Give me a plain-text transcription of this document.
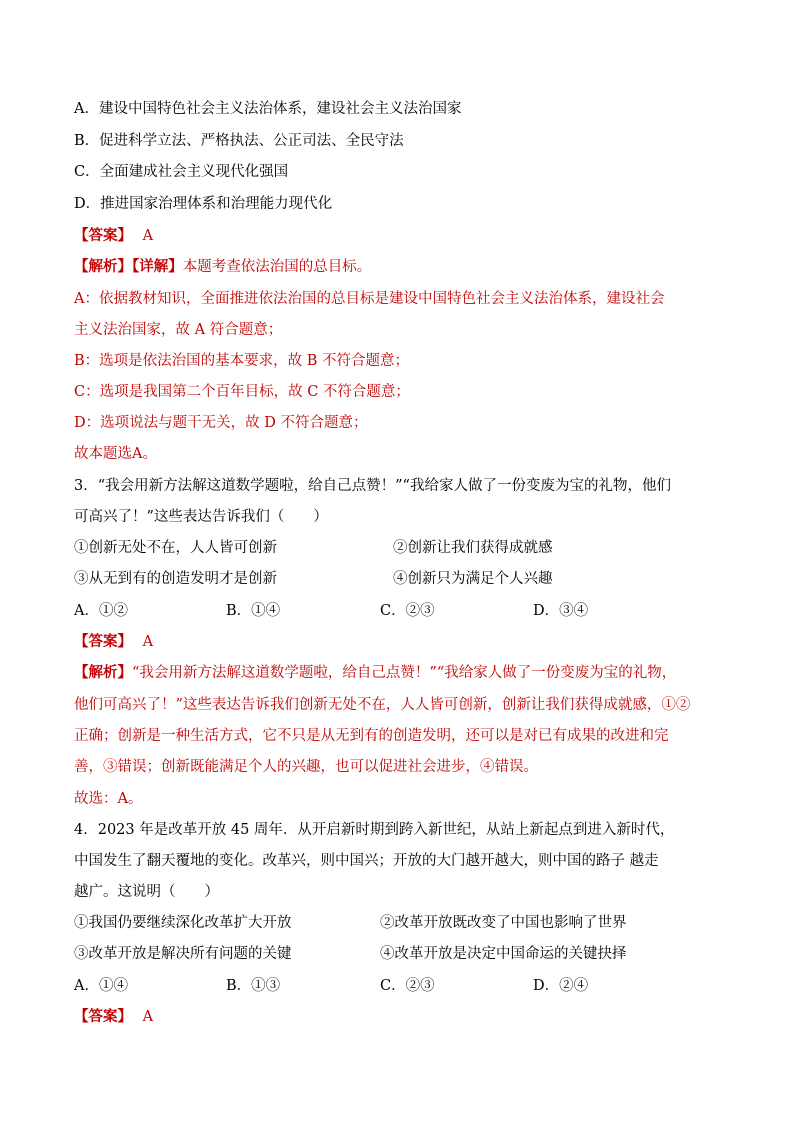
A．建设中国特色社会主义法治体系，建设社会主义法治国家
B．促进科学立法、严格执法、公正司法、全民守法
C．全面建成社会主义现代化强国
D．推进国家治理体系和治理能力现代化
【答案】 A
【解析】【详解】本题考查依法治国的总目标。
A：依据教材知识，全面推进依法治国的总目标是建设中国特色社会主义法治体系，建设社会
主义法治国家，故 A 符合题意；
B：选项是依法治国的基本要求，故 B 不符合题意；
C：选项是我国第二个百年目标，故 C 不符合题意；
D：选项说法与题干无关，故 D 不符合题意；
故本题选A。
3．“我会用新方法解这道数学题啦，给自己点赞！”“我给家人做了一份变废为宝的礼物，他们
可高兴了！”这些表达告诉我们（　　）
①创新无处不在，人人皆可创新	②创新让我们获得成就感
③从无到有的创造发明才是创新	④创新只为满足个人兴趣
A．①②	B．①④	C．②③	D．③④
【答案】 A
【解析】“我会用新方法解这道数学题啦，给自己点赞！”“我给家人做了一份变废为宝的礼物，
他们可高兴了！”这些表达告诉我们创新无处不在，人人皆可创新，创新让我们获得成就感，①②
正确；创新是一种生活方式，它不只是从无到有的创造发明，还可以是对已有成果的改进和完
善，③错误；创新既能满足个人的兴趣，也可以促进社会进步，④错误。
故选：A。
4．2023 年是改革开放 45 周年．从开启新时期到跨入新世纪，从站上新起点到进入新时代，
中国发生了翻天覆地的变化。改革兴，则中国兴；开放的大门越开越大，则中国的路子 越走
越广。这说明（　　）
①我国仍要继续深化改革扩大开放	②改革开放既改变了中国也影响了世界
③改革开放是解决所有问题的关键	④改革开放是决定中国命运的关键抉择
A．①④	B．①③	C．②③	D．②④
【答案】 A
